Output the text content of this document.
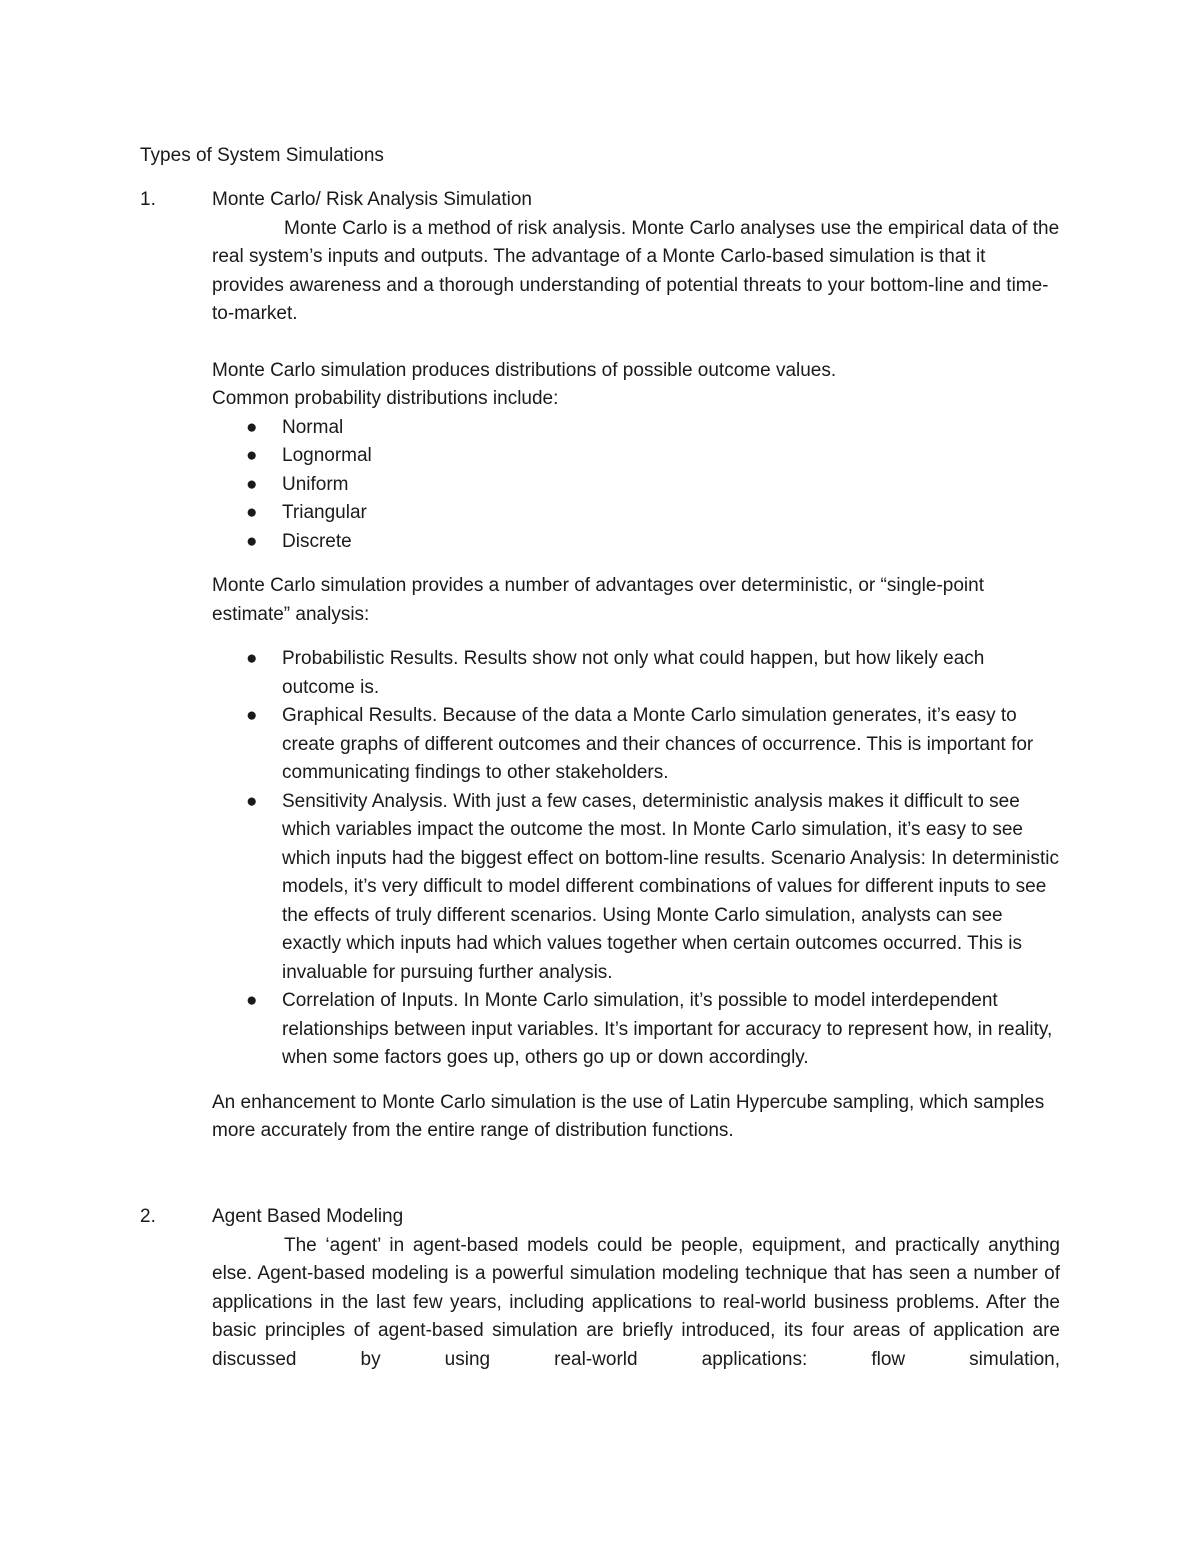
Types of System Simulations
1.	Monte Carlo/ Risk Analysis Simulation

Monte Carlo is a method of risk analysis. Monte Carlo analyses use the empirical data of the real system’s inputs and outputs. The advantage of a Monte Carlo-based simulation is that it provides awareness and a thorough understanding of potential threats to your bottom-line and time-to-market.

Monte Carlo simulation produces distributions of possible outcome values.

Common probability distributions include:

● Normal
● Lognormal
● Uniform
● Triangular
● Discrete

Monte Carlo simulation provides a number of advantages over deterministic, or “single-point estimate” analysis:

● Probabilistic Results. Results show not only what could happen, but how likely each outcome is.
● Graphical Results. Because of the data a Monte Carlo simulation generates, it’s easy to create graphs of different outcomes and their chances of occurrence. This is important for communicating findings to other stakeholders.
● Sensitivity Analysis. With just a few cases, deterministic analysis makes it difficult to see which variables impact the outcome the most. In Monte Carlo simulation, it’s easy to see which inputs had the biggest effect on bottom-line results. Scenario Analysis: In deterministic models, it’s very difficult to model different combinations of values for different inputs to see the effects of truly different scenarios. Using Monte Carlo simulation, analysts can see exactly which inputs had which values together when certain outcomes occurred. This is invaluable for pursuing further analysis.
● Correlation of Inputs. In Monte Carlo simulation, it’s possible to model interdependent relationships between input variables. It’s important for accuracy to represent how, in reality, when some factors goes up, others go up or down accordingly.

An enhancement to Monte Carlo simulation is the use of Latin Hypercube sampling, which samples more accurately from the entire range of distribution functions.

2.	Agent Based Modeling

The ‘agent’ in agent-based models could be people, equipment, and practically anything else. Agent-based modeling is a powerful simulation modeling technique that has seen a number of applications in the last few years, including applications to real-world business problems. After the basic principles of agent-based simulation are briefly introduced, its four areas of application are discussed by using real-world applications: flow simulation,
